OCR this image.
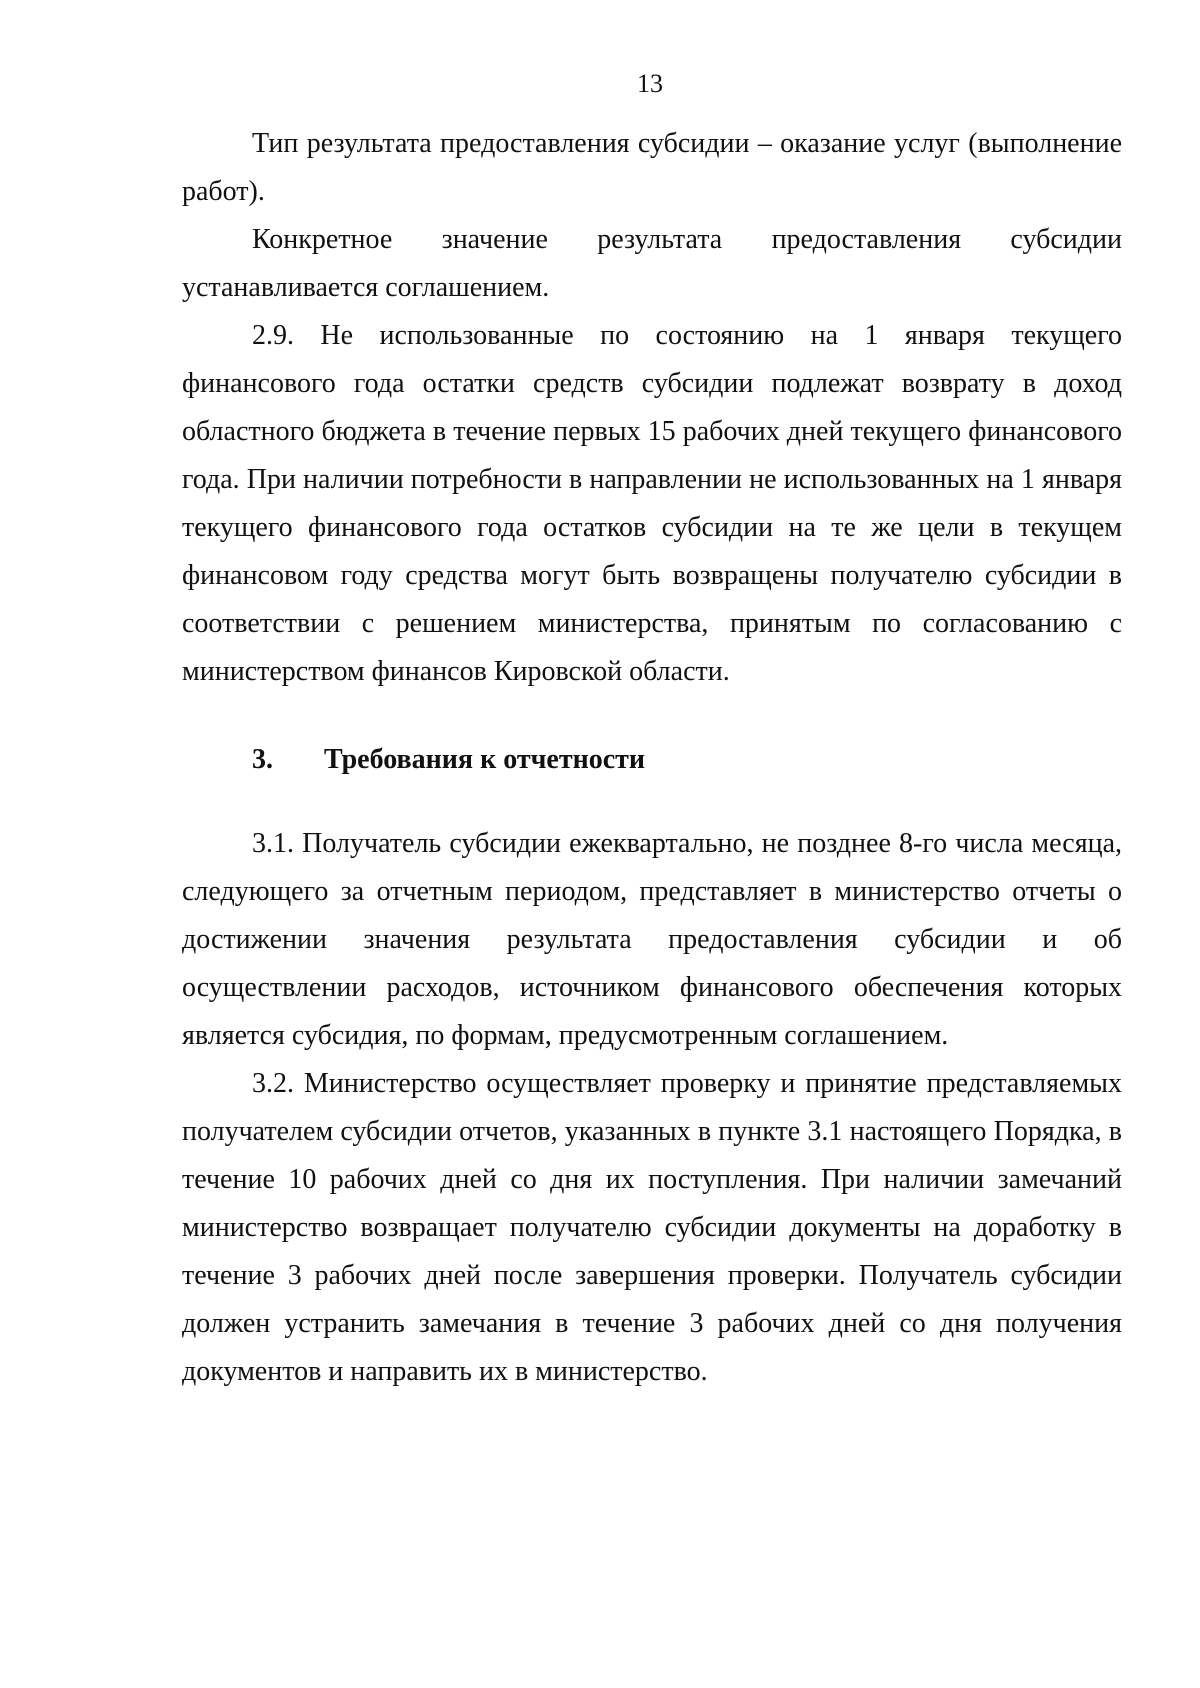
13

Тип результата предоставления субсидии – оказание услуг (выполнение работ).

Конкретное значение результата предоставления субсидии устанавливается соглашением.

2.9. Не использованные по состоянию на 1 января текущего финансового года остатки средств субсидии подлежат возврату в доход областного бюджета в течение первых 15 рабочих дней текущего финансового года. При наличии потребности в направлении не использованных на 1 января текущего финансового года остатков субсидии на те же цели в текущем финансовом году средства могут быть возвращены получателю субсидии в соответствии с решением министерства, принятым по согласованию с министерством финансов Кировской области.

3. Требования к отчетности

3.1. Получатель субсидии ежеквартально, не позднее 8-го числа месяца, следующего за отчетным периодом, представляет в министерство отчеты о достижении значения результата предоставления субсидии и об осуществлении расходов, источником финансового обеспечения которых является субсидия, по формам, предусмотренным соглашением.

3.2. Министерство осуществляет проверку и принятие представляемых получателем субсидии отчетов, указанных в пункте 3.1 настоящего Порядка, в течение 10 рабочих дней со дня их поступления. При наличии замечаний министерство возвращает получателю субсидии документы на доработку в течение 3 рабочих дней после завершения проверки. Получатель субсидии должен устранить замечания в течение 3 рабочих дней со дня получения документов и направить их в министерство.
